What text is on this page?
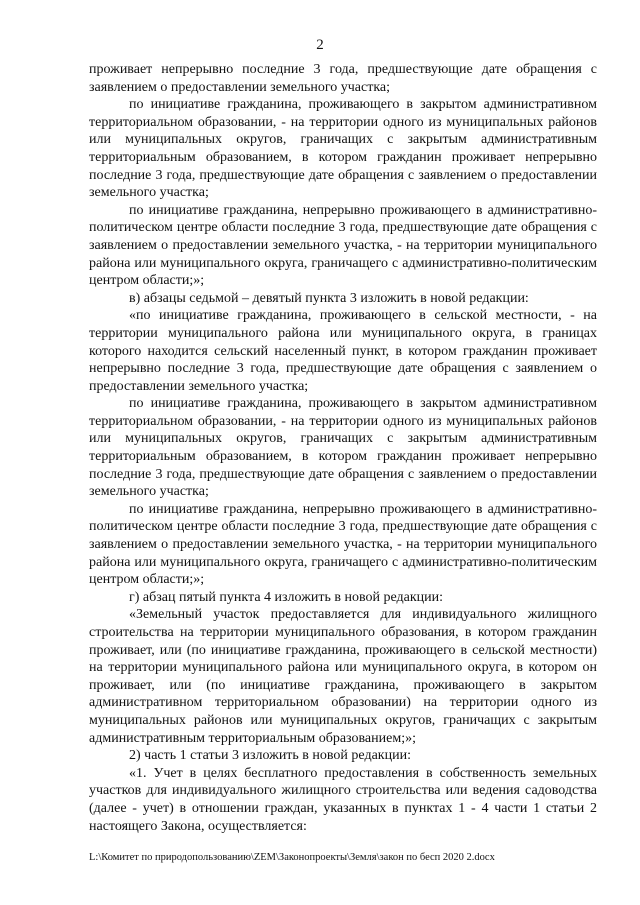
2

проживает непрерывно последние 3 года, предшествующие дате обращения с заявлением о предоставлении земельного участка;

по инициативе гражданина, проживающего в закрытом административном территориальном образовании, - на территории одного из муниципальных районов или муниципальных округов, граничащих с закрытым административным территориальным образованием, в котором гражданин проживает непрерывно последние 3 года, предшествующие дате обращения с заявлением о предоставлении земельного участка;

по инициативе гражданина, непрерывно проживающего в административно-политическом центре области последние 3 года, предшествующие дате обращения с заявлением о предоставлении земельного участка, - на территории муниципального района или муниципального округа, граничащего с административно-политическим центром области;»;

в) абзацы седьмой – девятый пункта 3 изложить в новой редакции:

«по инициативе гражданина, проживающего в сельской местности, - на территории муниципального района или муниципального округа, в границах которого находится сельский населенный пункт, в котором гражданин проживает непрерывно последние 3 года, предшествующие дате обращения с заявлением о предоставлении земельного участка;

по инициативе гражданина, проживающего в закрытом административном территориальном образовании, - на территории одного из муниципальных районов или муниципальных округов, граничащих с закрытым административным территориальным образованием, в котором гражданин проживает непрерывно последние 3 года, предшествующие дате обращения с заявлением о предоставлении земельного участка;

по инициативе гражданина, непрерывно проживающего в административно-политическом центре области последние 3 года, предшествующие дате обращения с заявлением о предоставлении земельного участка, - на территории муниципального района или муниципального округа, граничащего с административно-политическим центром области;»;

г) абзац пятый пункта 4 изложить в новой редакции:

«Земельный участок предоставляется для индивидуального жилищного строительства на территории муниципального образования, в котором гражданин проживает, или (по инициативе гражданина, проживающего в сельской местности) на территории муниципального района или муниципального округа, в котором он проживает, или (по инициативе гражданина, проживающего в закрытом административном территориальном образовании) на территории одного из муниципальных районов или муниципальных округов, граничащих с закрытым административным территориальным образованием;»;

2) часть 1 статьи 3 изложить в новой редакции:

«1. Учет в целях бесплатного предоставления в собственность земельных участков для индивидуального жилищного строительства или ведения садоводства (далее - учет) в отношении граждан, указанных в пунктах 1 - 4 части 1 статьи 2 настоящего Закона, осуществляется:

L:\Комитет по природопользованию\ZEM\Законопроекты\Земля\закон по бесп 2020 2.docx
